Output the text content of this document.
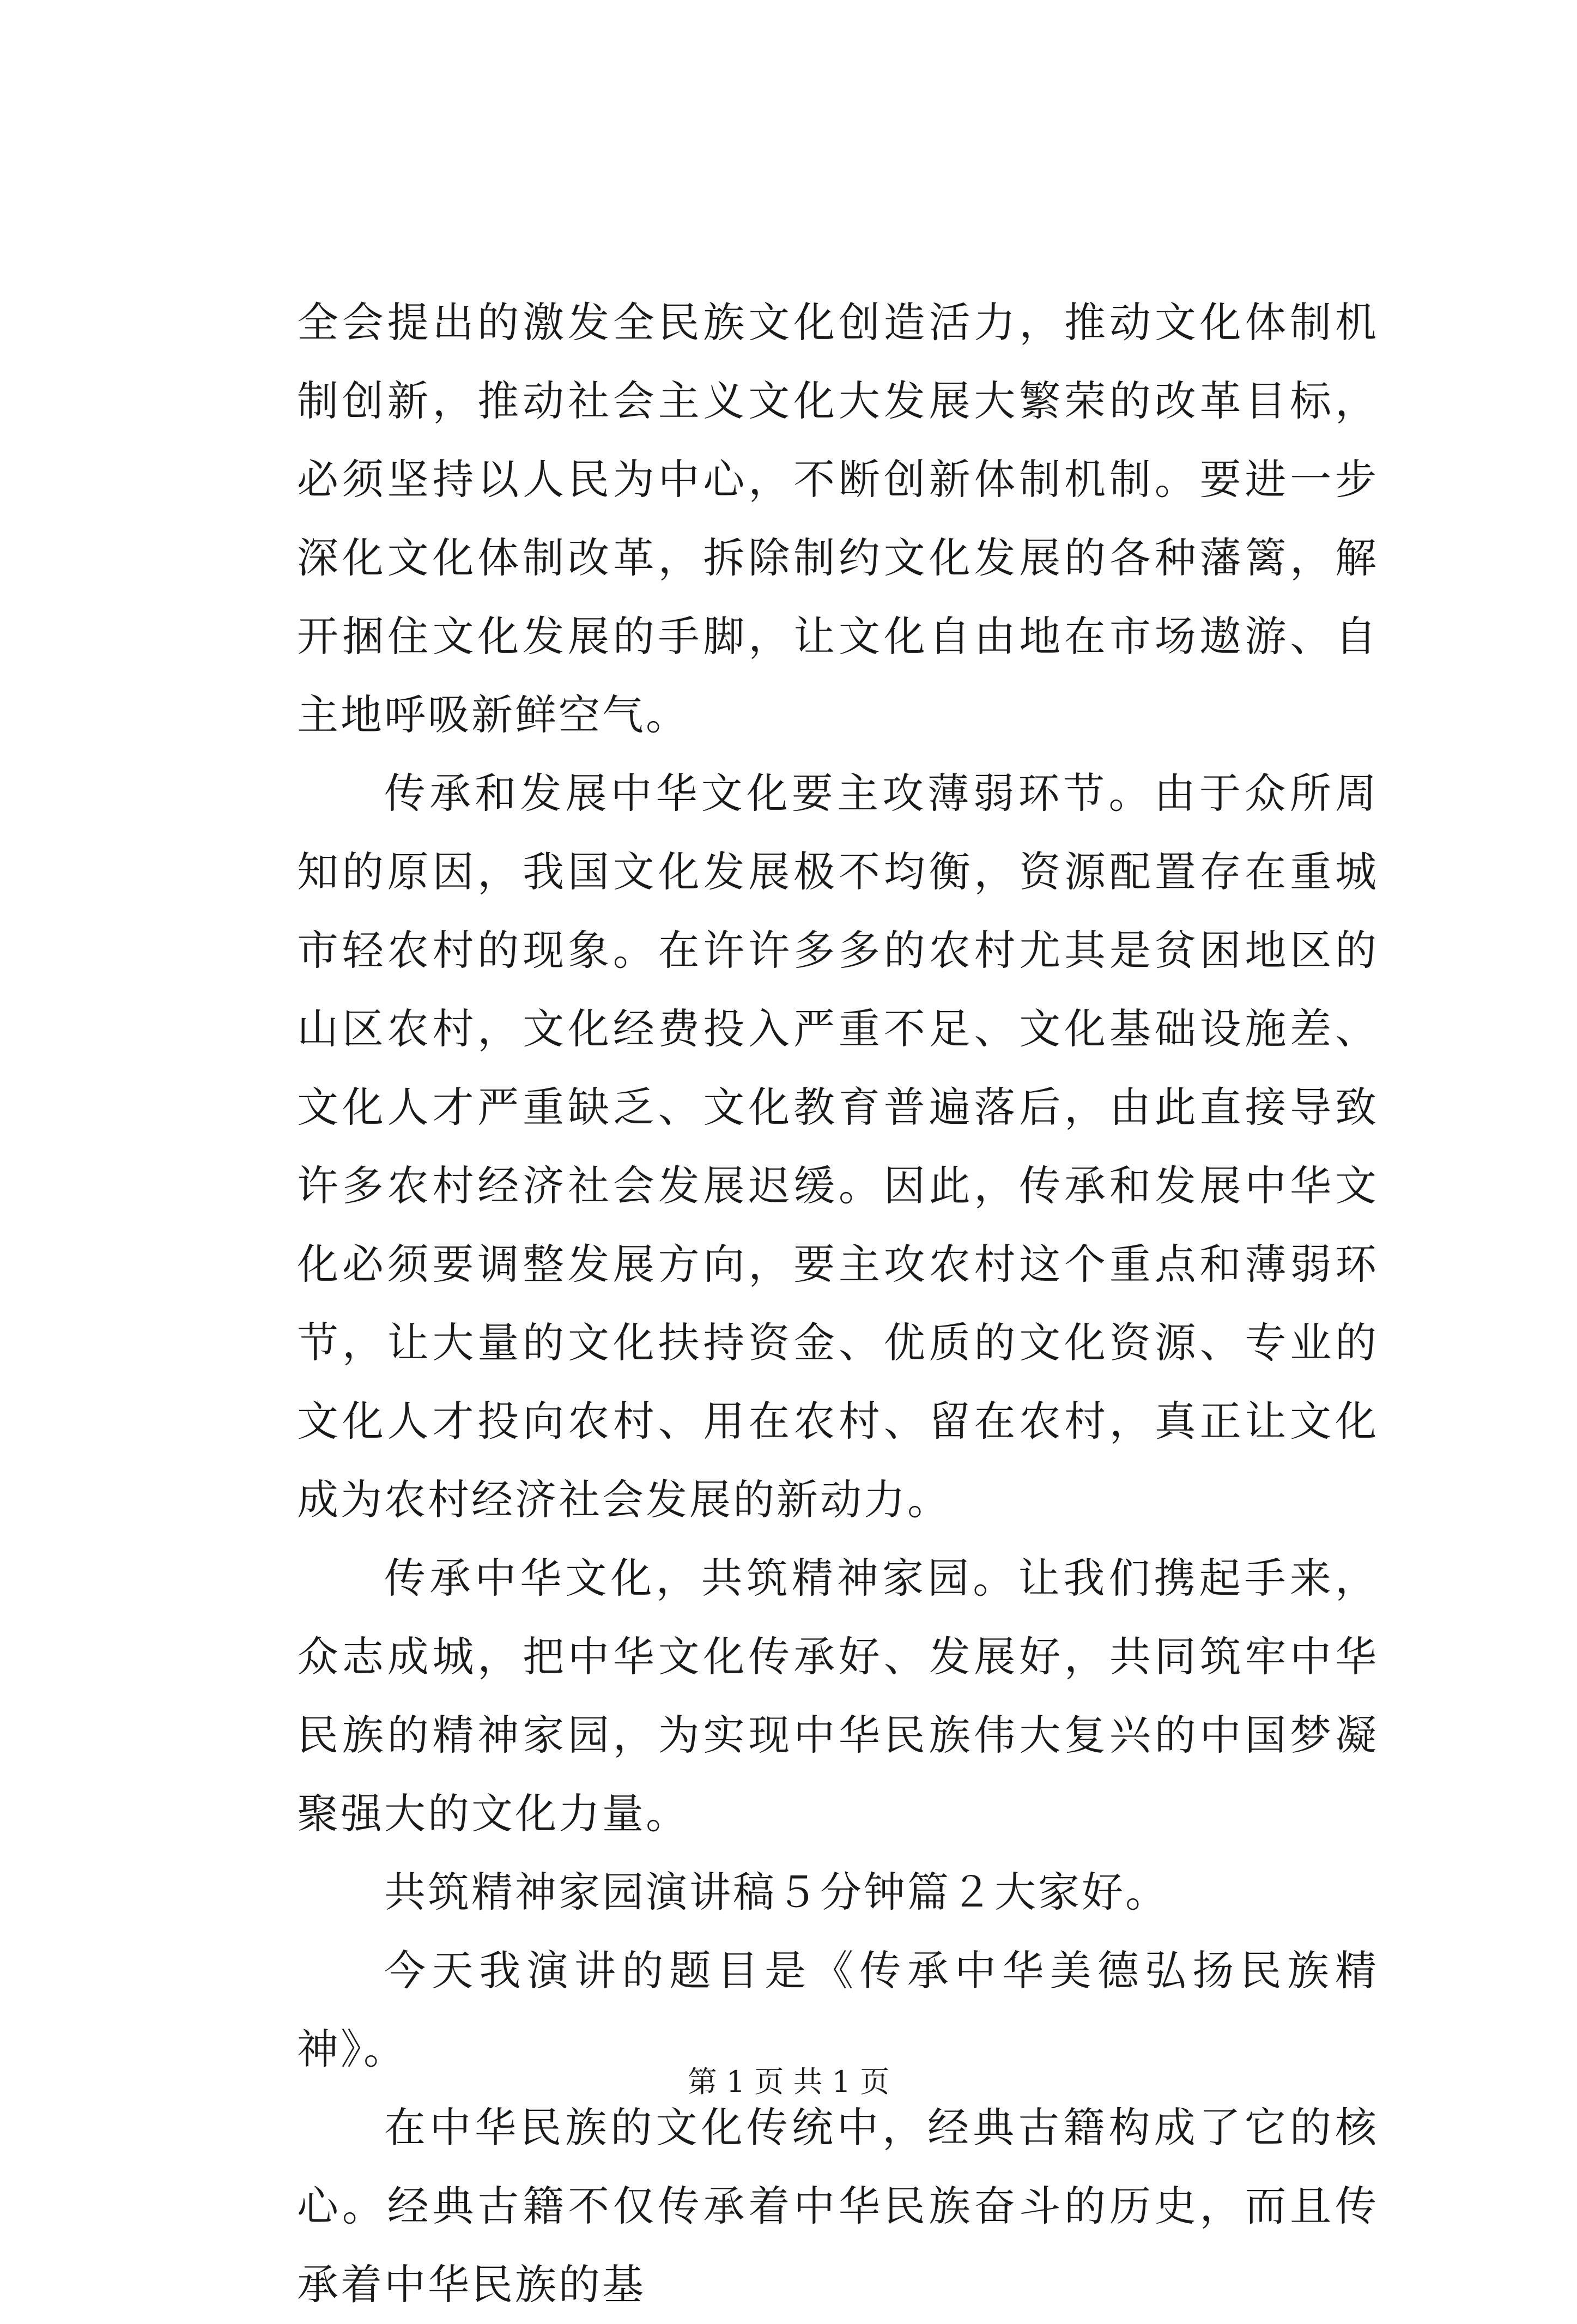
全会提出的激发全民族文化创造活力，推动文化体制机制创新，推动社会主义文化大发展大繁荣的改革目标，必须坚持以人民为中心，不断创新体制机制。要进一步深化文化体制改革，拆除制约文化发展的各种藩篱，解开捆住文化发展的手脚，让文化自由地在市场遨游、自主地呼吸新鲜空气。

传承和发展中华文化要主攻薄弱环节。由于众所周知的原因，我国文化发展极不均衡，资源配置存在重城市轻农村的现象。在许许多多的农村尤其是贫困地区的山区农村，文化经费投入严重不足、文化基础设施差、文化人才严重缺乏、文化教育普遍落后，由此直接导致许多农村经济社会发展迟缓。因此，传承和发展中华文化必须要调整发展方向，要主攻农村这个重点和薄弱环节，让大量的文化扶持资金、优质的文化资源、专业的文化人才投向农村、用在农村、留在农村，真正让文化成为农村经济社会发展的新动力。

传承中华文化，共筑精神家园。让我们携起手来，众志成城，把中华文化传承好、发展好，共同筑牢中华民族的精神家园，为实现中华民族伟大复兴的中国梦凝聚强大的文化力量。

共筑精神家园演讲稿５分钟篇２大家好。

今天我演讲的题目是《传承中华美德弘扬民族精神》。

在中华民族的文化传统中，经典古籍构成了它的核心。经典古籍不仅传承着中华民族奋斗的历史，而且传承着中华民族的基

第 1 页 共 1 页
